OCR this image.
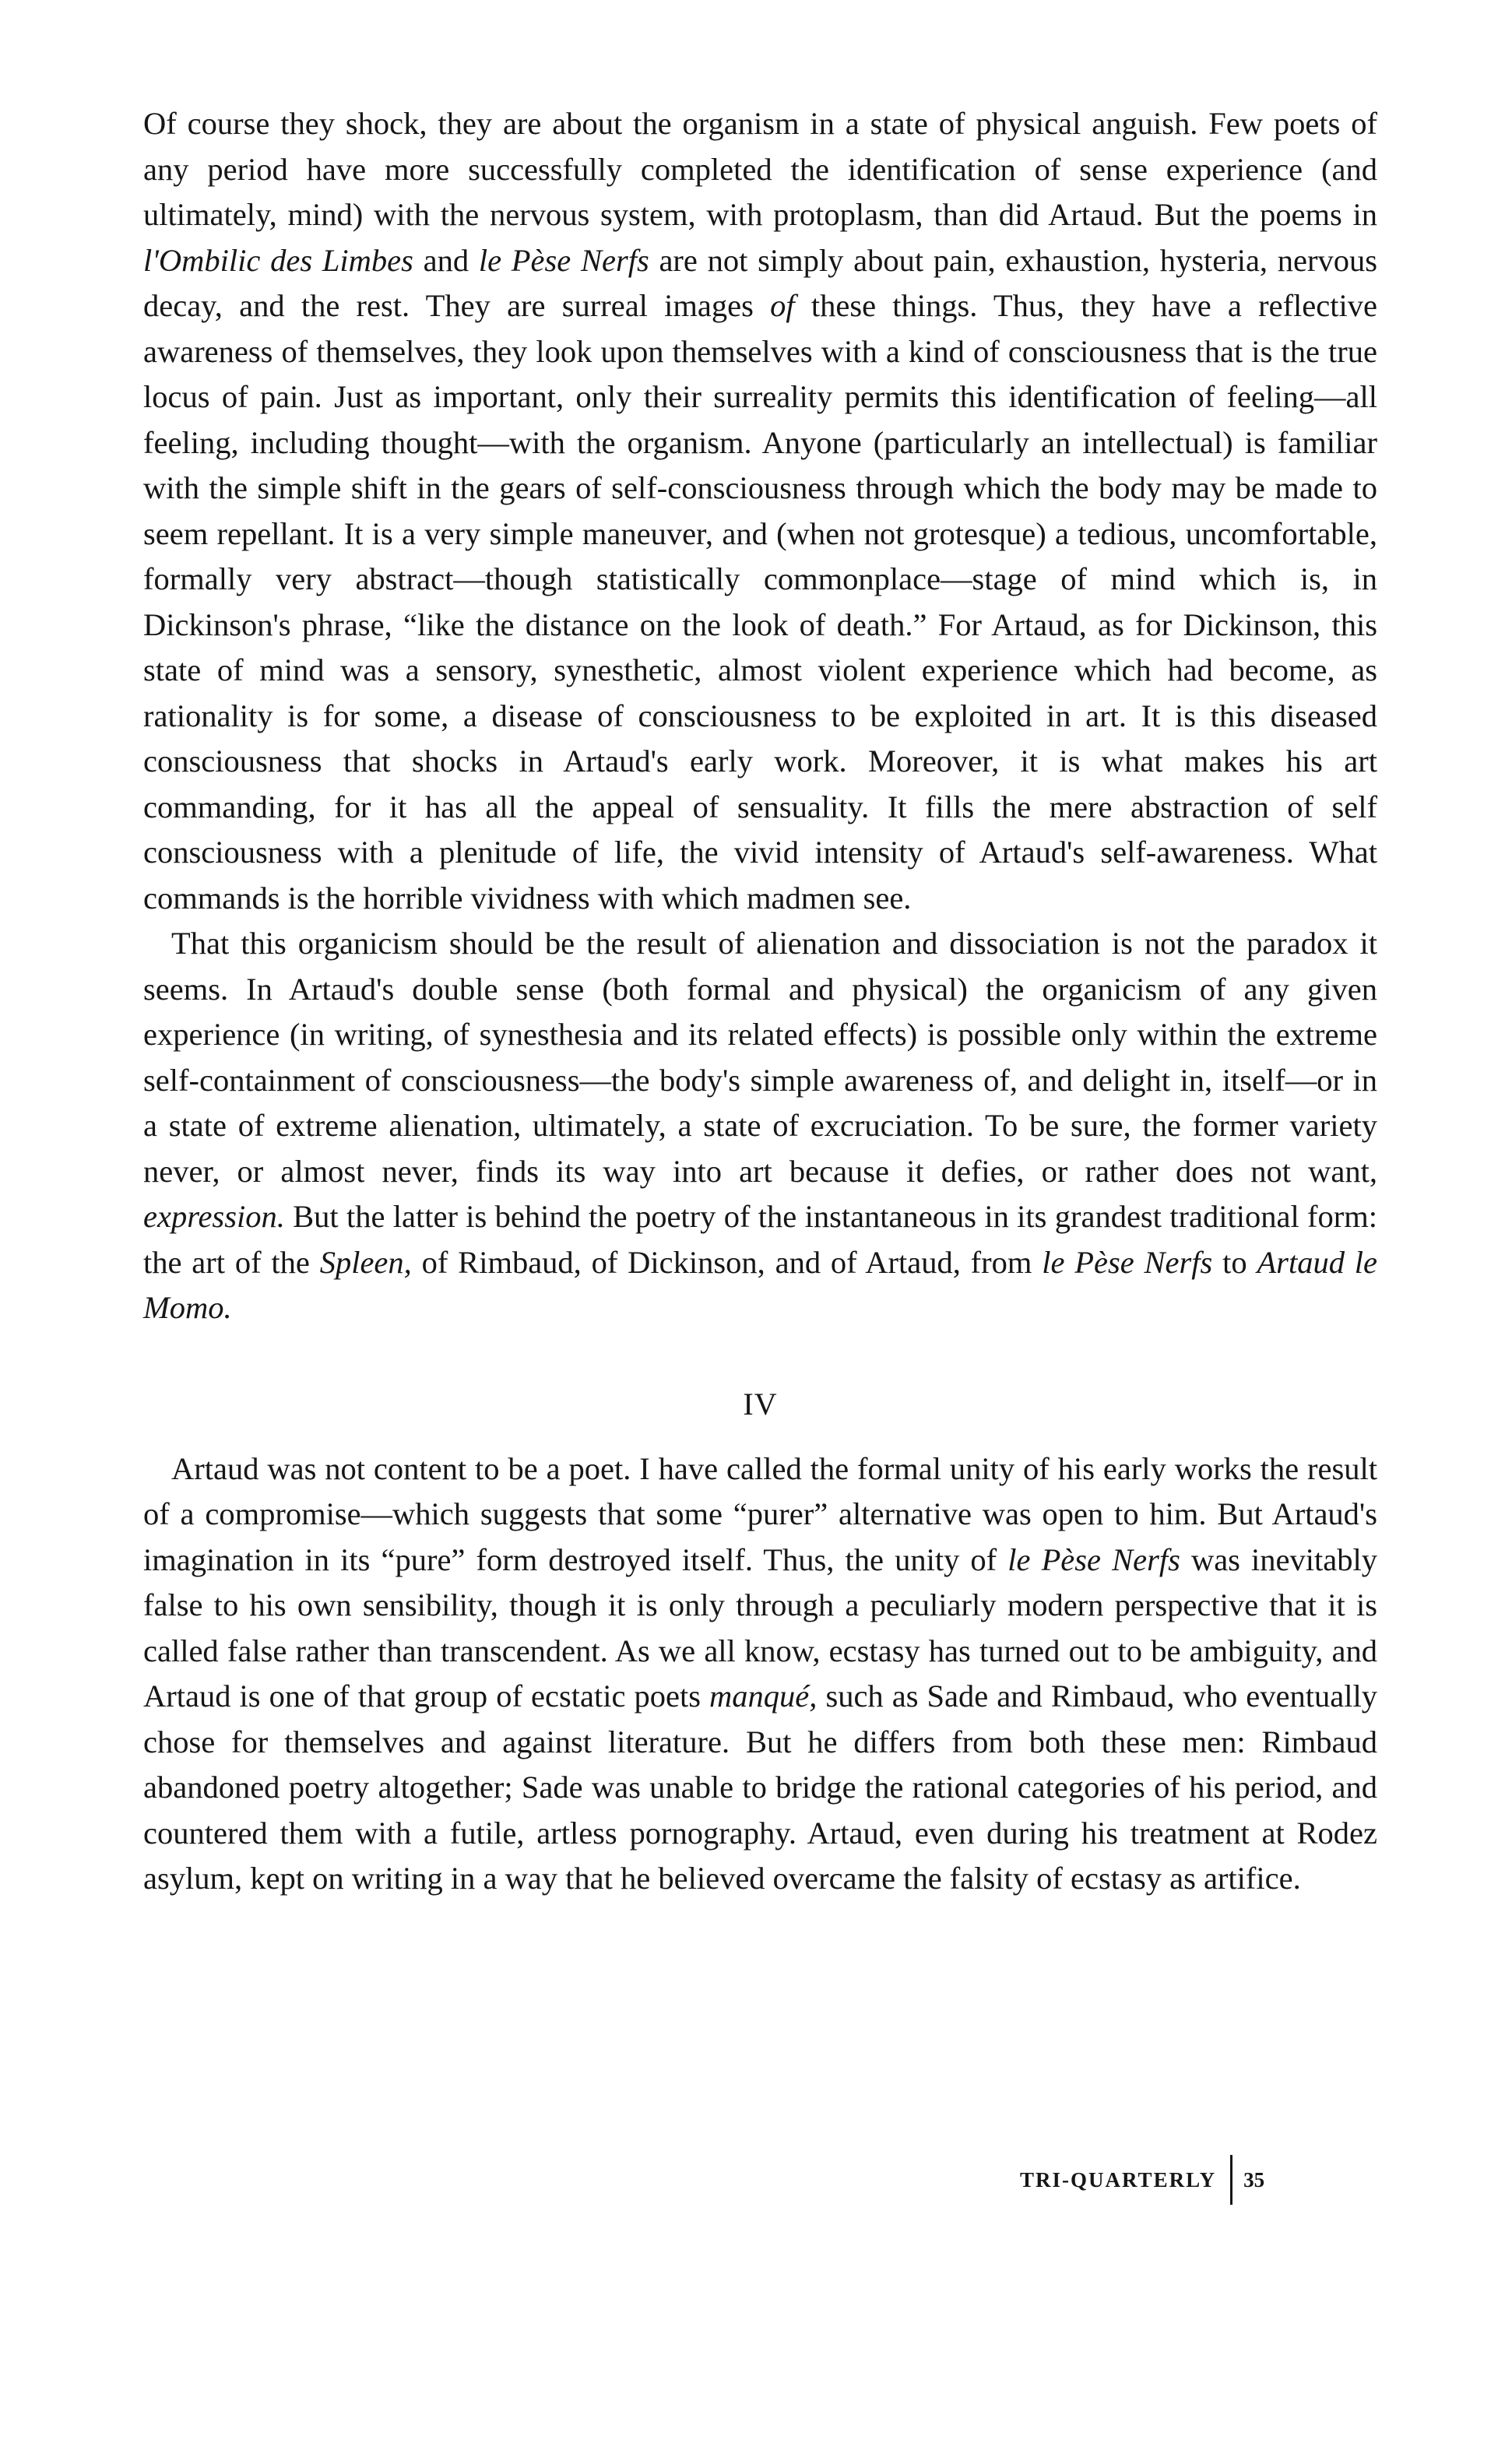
Of course they shock, they are about the organism in a state of physical anguish. Few poets of any period have more successfully completed the identification of sense experience (and ultimately, mind) with the nervous system, with protoplasm, than did Artaud. But the poems in l'Ombilic des Limbes and le Pèse Nerfs are not simply about pain, exhaustion, hysteria, nervous decay, and the rest. They are surreal images of these things. Thus, they have a reflective awareness of themselves, they look upon themselves with a kind of consciousness that is the true locus of pain. Just as important, only their surreality permits this identification of feeling—all feeling, including thought—with the organism. Anyone (particularly an intellectual) is familiar with the simple shift in the gears of self-consciousness through which the body may be made to seem repellant. It is a very simple maneuver, and (when not grotesque) a tedious, uncomfortable, formally very abstract—though statistically commonplace—stage of mind which is, in Dickinson's phrase, “like the distance on the look of death.” For Artaud, as for Dickinson, this state of mind was a sensory, synesthetic, almost violent experience which had become, as rationality is for some, a disease of consciousness to be exploited in art. It is this diseased consciousness that shocks in Artaud's early work. Moreover, it is what makes his art commanding, for it has all the appeal of sensuality. It fills the mere abstraction of self consciousness with a plenitude of life, the vivid intensity of Artaud's self-awareness. What commands is the horrible vividness with which madmen see.

That this organicism should be the result of alienation and dissociation is not the paradox it seems. In Artaud's double sense (both formal and physical) the organicism of any given experience (in writing, of synesthesia and its related effects) is possible only within the extreme self-containment of consciousness—the body's simple awareness of, and delight in, itself—or in a state of extreme alienation, ultimately, a state of excruciation. To be sure, the former variety never, or almost never, finds its way into art because it defies, or rather does not want, expression. But the latter is behind the poetry of the instantaneous in its grandest traditional form: the art of the Spleen, of Rimbaud, of Dickinson, and of Artaud, from le Pèse Nerfs to Artaud le Momo.

IV

Artaud was not content to be a poet. I have called the formal unity of his early works the result of a compromise—which suggests that some “purer” alternative was open to him. But Artaud's imagination in its “pure” form destroyed itself. Thus, the unity of le Pèse Nerfs was inevitably false to his own sensibility, though it is only through a peculiarly modern perspective that it is called false rather than transcendent. As we all know, ecstasy has turned out to be ambiguity, and Artaud is one of that group of ecstatic poets manqué, such as Sade and Rimbaud, who eventually chose for themselves and against literature. But he differs from both these men: Rimbaud abandoned poetry altogether; Sade was unable to bridge the rational categories of his period, and countered them with a futile, artless pornography. Artaud, even during his treatment at Rodez asylum, kept on writing in a way that he believed overcame the falsity of ecstasy as artifice.

TRI-QUARTERLY	35
